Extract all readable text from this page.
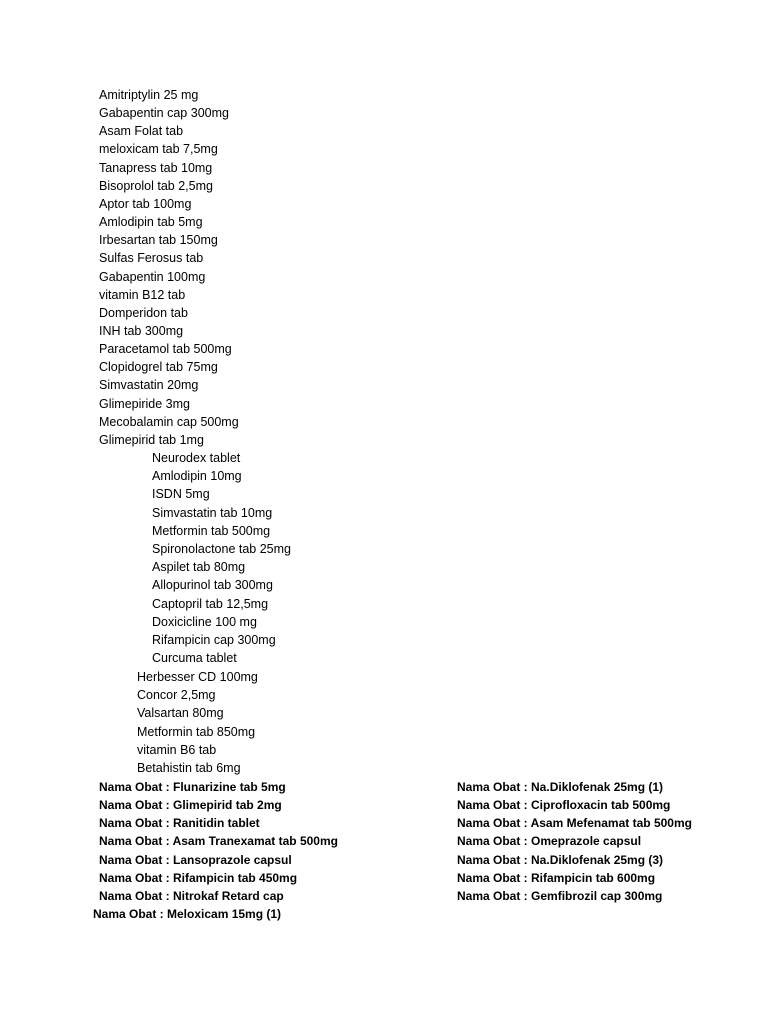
Amitriptylin 25 mg
Gabapentin cap 300mg
Asam Folat tab
meloxicam tab 7,5mg
Tanapress tab 10mg
Bisoprolol tab 2,5mg
Aptor tab 100mg
Amlodipin tab 5mg
Irbesartan tab 150mg
Sulfas Ferosus tab
Gabapentin 100mg
vitamin B12 tab
Domperidon tab
INH tab 300mg
Paracetamol tab 500mg
Clopidogrel tab 75mg
Simvastatin 20mg
Glimepiride 3mg
Mecobalamin cap 500mg
Glimepirid tab 1mg
Neurodex tablet
Amlodipin 10mg
ISDN 5mg
Simvastatin tab 10mg
Metformin tab 500mg
Spironolactone tab 25mg
Aspilet tab 80mg
Allopurinol tab 300mg
Captopril tab 12,5mg
Doxicicline 100 mg
Rifampicin cap 300mg
Curcuma tablet
Herbesser CD 100mg
Concor 2,5mg
Valsartan 80mg
Metformin tab 850mg
vitamin B6 tab
Betahistin tab 6mg
Nama Obat : Flunarizine tab 5mg
Nama Obat : Glimepirid tab 2mg
Nama Obat : Ranitidin tablet
Nama Obat : Asam Tranexamat tab 500mg
Nama Obat : Lansoprazole capsul
Nama Obat : Rifampicin tab 450mg
Nama Obat : Nitrokaf Retard cap
Nama Obat : Meloxicam 15mg (1)
Nama Obat : Na.Diklofenak 25mg (1)
Nama Obat : Ciprofloxacin tab 500mg
Nama Obat : Asam Mefenamat tab 500mg
Nama Obat : Omeprazole capsul
Nama Obat : Na.Diklofenak 25mg (3)
Nama Obat : Rifampicin tab 600mg
Nama Obat : Gemfibrozil cap 300mg
